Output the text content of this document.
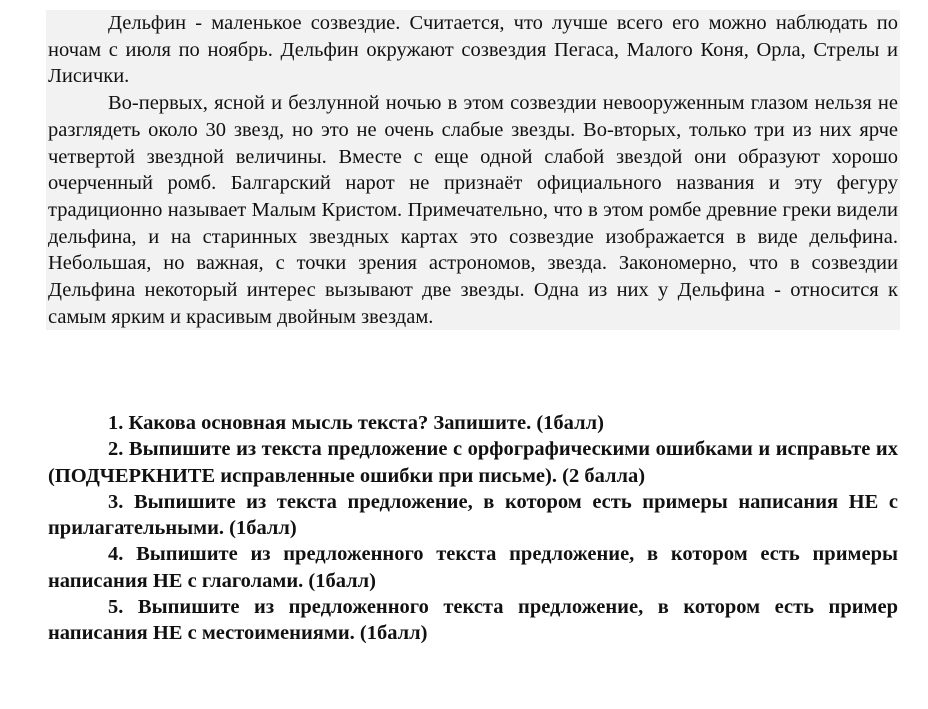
Дельфин - маленькое созвездие. Считается, что лучше всего его можно наблюдать по ночам с июля по ноябрь. Дельфин окружают созвездия Пегаса, Малого Коня, Орла, Стрелы и Лисички.

Во-первых, ясной и безлунной ночью в этом созвездии невооруженным глазом нельзя не разглядеть около 30 звезд, но это не очень слабые звезды. Во-вторых, только три из них ярче четвертой звездной величины. Вместе с еще одной слабой звездой они образуют хорошо очерченный ромб. Балгарский нарот не признаёт официального названия и эту фегуру традиционно называет Малым Кристом. Примечательно, что в этом ромбе древние греки видели дельфина, и на старинных звездных картах это созвездие изображается в виде дельфина. Небольшая, но важная, с точки зрения астрономов, звезда. Закономерно, что в созвездии Дельфина некоторый интерес вызывают две звезды. Одна из них у Дельфина - относится к самым ярким и красивым двойным звездам.

1. Какова основная мысль текста? Запишите. (1балл)

2. Выпишите из текста предложение с орфографическими ошибками и исправьте их (ПОДЧЕРКНИТЕ исправленные ошибки при письме). (2 балла)

3. Выпишите из текста предложение, в котором есть примеры написания НЕ с прилагательными. (1балл)

4. Выпишите из предложенного текста предложение, в котором есть примеры написания НЕ с глаголами. (1балл)

5. Выпишите из предложенного текста предложение, в котором есть пример написания НЕ с местоимениями. (1балл)
